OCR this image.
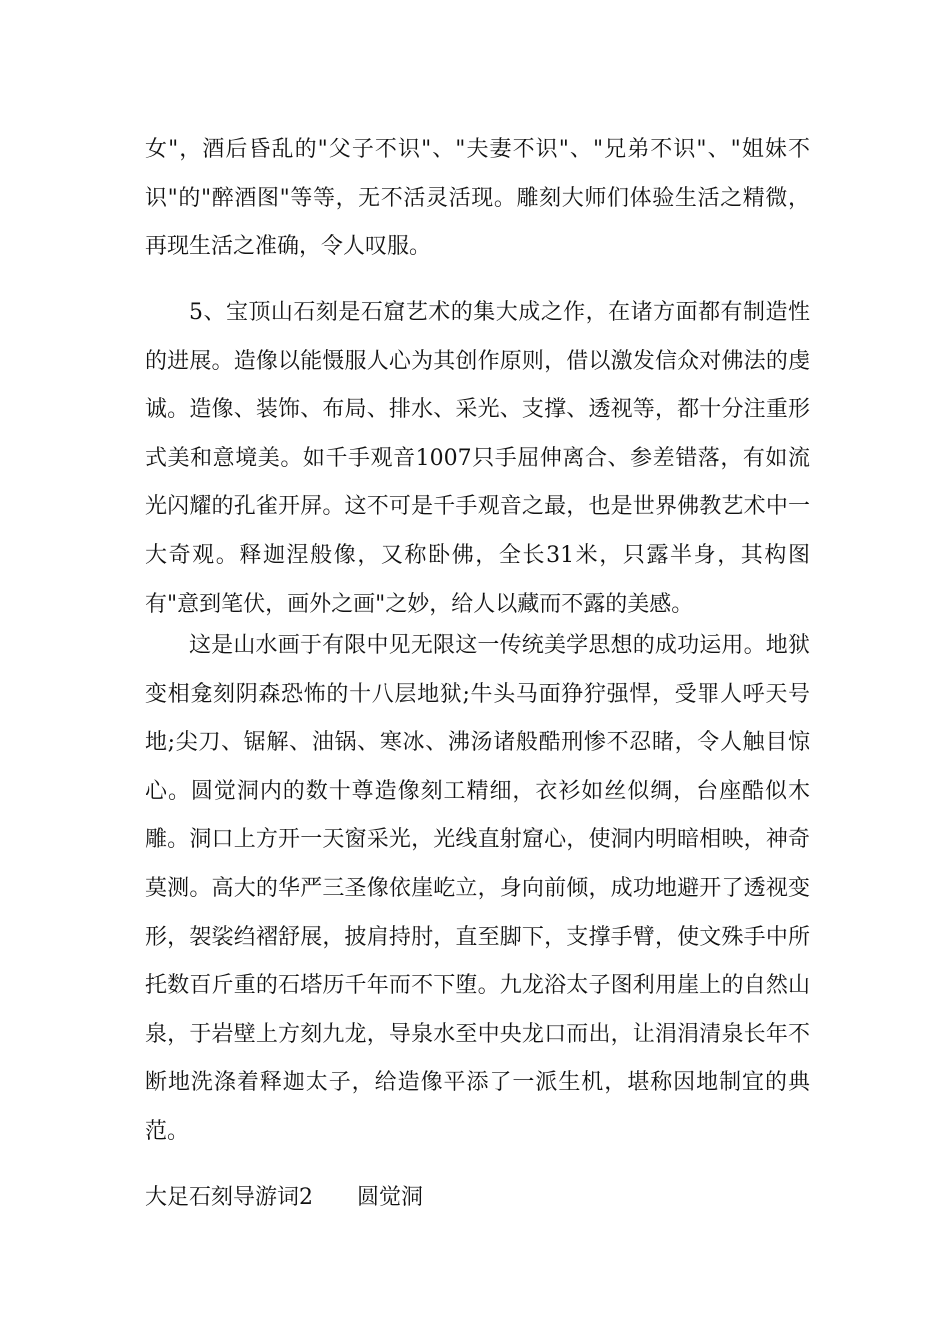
女"，酒后昏乱的"父子不识"、"夫妻不识"、"兄弟不识"、"姐妹不识"的"醉酒图"等等，无不活灵活现。雕刻大师们体验生活之精微，再现生活之准确，令人叹服。

5、宝顶山石刻是石窟艺术的集大成之作，在诸方面都有制造性的进展。造像以能慑服人心为其创作原则，借以激发信众对佛法的虔诚。造像、装饰、布局、排水、采光、支撑、透视等，都十分注重形式美和意境美。如千手观音1007只手屈伸离合、参差错落，有如流光闪耀的孔雀开屏。这不可是千手观音之最，也是世界佛教艺术中一大奇观。释迦涅般像，又称卧佛，全长31米，只露半身，其构图有"意到笔伏，画外之画"之妙，给人以藏而不露的美感。

这是山水画于有限中见无限这一传统美学思想的成功运用。地狱变相龛刻阴森恐怖的十八层地狱;牛头马面狰狞强悍，受罪人呼天号地;尖刀、锯解、油锅、寒冰、沸汤诸般酷刑惨不忍睹，令人触目惊心。圆觉洞内的数十尊造像刻工精细，衣衫如丝似绸，台座酷似木雕。洞口上方开一天窗采光，光线直射窟心，使洞内明暗相映，神奇莫测。高大的华严三圣像依崖屹立，身向前倾，成功地避开了透视变形，袈裟绉褶舒展，披肩持肘，直至脚下，支撑手臂，使文殊手中所托数百斤重的石塔历千年而不下堕。九龙浴太子图利用崖上的自然山泉，于岩壁上方刻九龙，导泉水至中央龙口而出，让涓涓清泉长年不断地洗涤着释迦太子，给造像平添了一派生机，堪称因地制宜的典范。

大足石刻导游词2　　圆觉洞
